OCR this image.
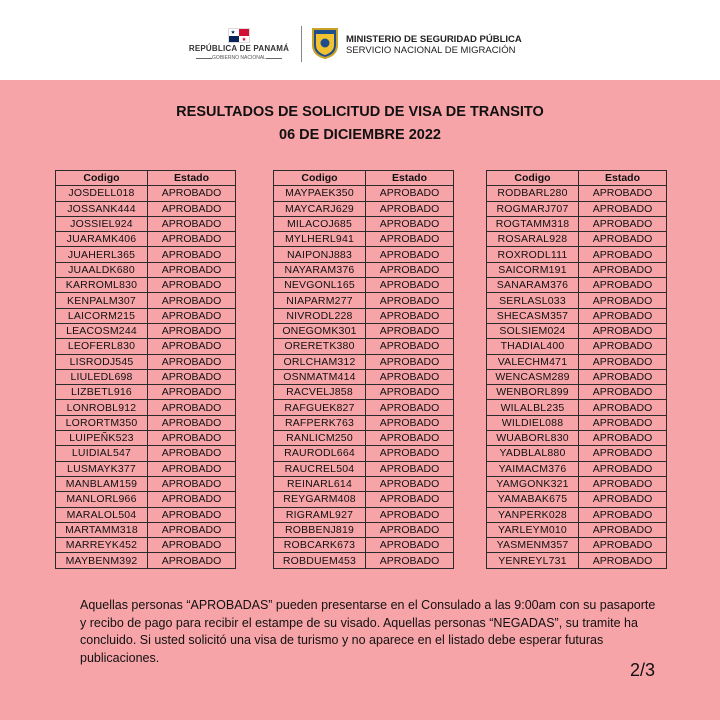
REPÚBLICA DE PANAMÁ
GOBIERNO NACIONAL
MINISTERIO DE SEGURIDAD PÚBLICA
SERVICIO NACIONAL DE MIGRACIÓN
RESULTADOS DE SOLICITUD DE VISA DE TRANSITO
06 DE DICIEMBRE 2022
Codigo	Estado
JOSDELL018	APROBADO
JOSSANK444	APROBADO
JOSSIEL924	APROBADO
JUARAMK406	APROBADO
JUAHERL365	APROBADO
JUAALDK680	APROBADO
KARROML830	APROBADO
KENPALM307	APROBADO
LAICORM215	APROBADO
LEACOSM244	APROBADO
LEOFERL830	APROBADO
LISRODJ545	APROBADO
LIULEDL698	APROBADO
LIZBETL916	APROBADO
LONROBL912	APROBADO
LORORTM350	APROBADO
LUIPEÑK523	APROBADO
LUIDIAL547	APROBADO
LUSMAYK377	APROBADO
MANBLAM159	APROBADO
MANLORL966	APROBADO
MARALOL504	APROBADO
MARTAMM318	APROBADO
MARREYK452	APROBADO
MAYBENM392	APROBADO
Codigo	Estado
MAYPAEK350	APROBADO
MAYCARJ629	APROBADO
MILACOJ685	APROBADO
MYLHERL941	APROBADO
NAIPONJ883	APROBADO
NAYARAM376	APROBADO
NEVGONL165	APROBADO
NIAPARM277	APROBADO
NIVRODL228	APROBADO
ONEGOMK301	APROBADO
ORERETK380	APROBADO
ORLCHAM312	APROBADO
OSNMATM414	APROBADO
RACVELJ858	APROBADO
RAFGUEK827	APROBADO
RAFPERK763	APROBADO
RANLICM250	APROBADO
RAURODL664	APROBADO
RAUCREL504	APROBADO
REINARL614	APROBADO
REYGARM408	APROBADO
RIGRAML927	APROBADO
ROBBENJ819	APROBADO
ROBCARK673	APROBADO
ROBDUEM453	APROBADO
Codigo	Estado
RODBARL280	APROBADO
ROGMARJ707	APROBADO
ROGTAMM318	APROBADO
ROSARAL928	APROBADO
ROXRODL111	APROBADO
SAICORM191	APROBADO
SANARAM376	APROBADO
SERLASL033	APROBADO
SHECASM357	APROBADO
SOLSIEM024	APROBADO
THADIAL400	APROBADO
VALECHM471	APROBADO
WENCASM289	APROBADO
WENBORL899	APROBADO
WILALBL235	APROBADO
WILDIEL088	APROBADO
WUABORL830	APROBADO
YADBLAL880	APROBADO
YAIMACM376	APROBADO
YAMGONK321	APROBADO
YAMABAK675	APROBADO
YANPERK028	APROBADO
YARLEYM010	APROBADO
YASMENM357	APROBADO
YENREYL731	APROBADO
Aquellas personas “APROBADAS” pueden presentarse en el Consulado a las 9:00am con su pasaporte y recibo de pago para recibir el estampe de su visado. Aquellas personas “NEGADAS”, su tramite ha concluido. Si usted solicitó una visa de turismo y no aparece en el listado debe esperar futuras publicaciones.
2/3
